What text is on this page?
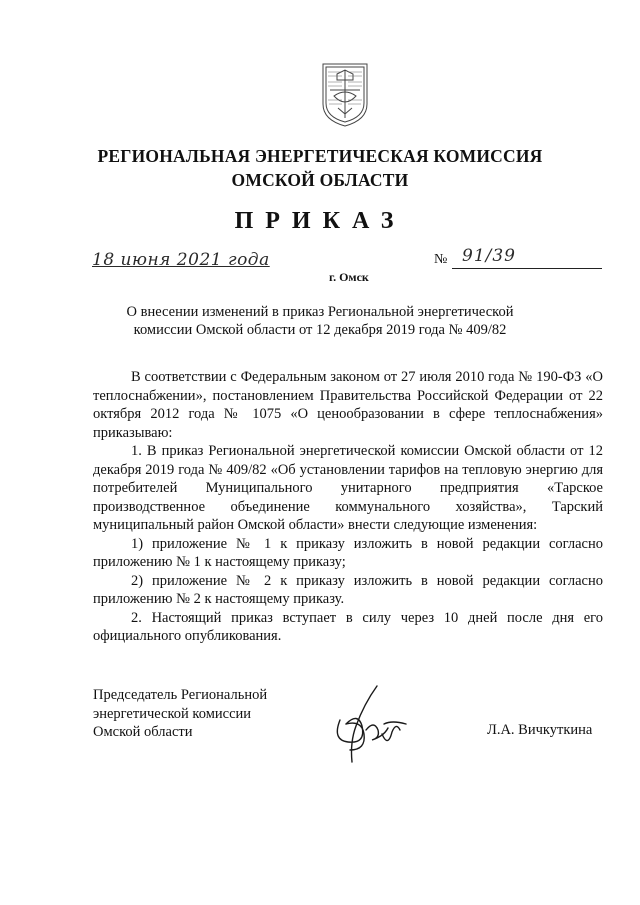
РЕГИОНАЛЬНАЯ ЭНЕРГЕТИЧЕСКАЯ КОМИССИЯ
ОМСКОЙ ОБЛАСТИ
ПРИКАЗ
18 июня 2021 года	№ 91/39
г. Омск
О внесении изменений в приказ Региональной энергетической
комиссии Омской области от 12 декабря 2019 года № 409/82

В соответствии с Федеральным законом от 27 июля 2010 года № 190-ФЗ «О теплоснабжении», постановлением Правительства Российской Федерации от 22 октября 2012 года № 1075 «О ценообразовании в сфере теплоснабжения» приказываю:

1. В приказ Региональной энергетической комиссии Омской области от 12 декабря 2019 года № 409/82 «Об установлении тарифов на тепловую энергию для потребителей Муниципального унитарного предприятия «Тарское производственное объединение коммунального хозяйства», Тарский муниципальный район Омской области» внести следующие изменения:

1) приложение № 1 к приказу изложить в новой редакции согласно приложению № 1 к настоящему приказу;

2) приложение № 2 к приказу изложить в новой редакции согласно приложению № 2 к настоящему приказу.

2. Настоящий приказ вступает в силу через 10 дней после дня его официального опубликования.

Председатель Региональной
энергетической комиссии
Омской области	Л.А. Вичкуткина
